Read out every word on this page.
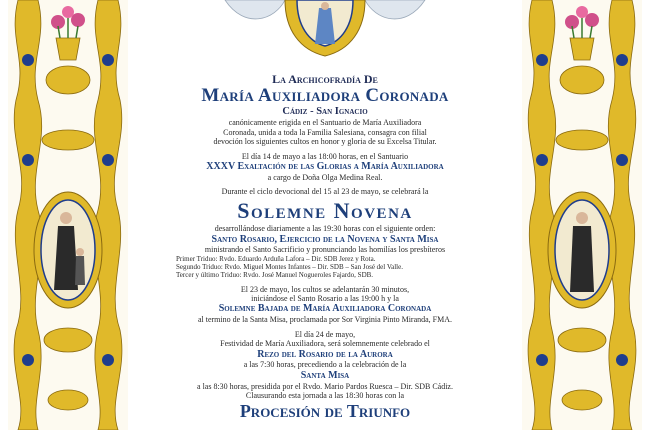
La Archicofradía De
María Auxiliadora Coronada
Cádiz - San Ignacio
canónicamente erigida en el Santuario de María Auxiliadora
Coronada, unida a toda la Familia Salesiana, consagra con filial
devoción los siguientes cultos en honor y gloria de su Excelsa Titular.
El día 14 de mayo a las 18:00 horas, en el Santuario
XXXV Exaltación de las Glorias a María Auxiliadora
a cargo de Doña Olga Medina Real.
Durante el ciclo devocional del 15 al 23 de mayo, se celebrará la
Solemne Novena
desarrollándose diariamente a las 19:30 horas con el siguiente orden:
Santo Rosario, Ejercicio de la Novena y Santa Misa
ministrando el Santo Sacrificio y pronunciando las homilías los presbíteros
Primer Triduo: Rvdo. Eduardo Arduña Lafora – Dir. SDB Jerez y Rota.
Segundo Triduo: Rvdo. Miguel Montes Infantes – Dir. SDB – San José del Valle.
Tercer y último Triduo: Rvdo. José Manuel Nogueroles Fajardo, SDB.
El 23 de mayo, los cultos se adelantarán 30 minutos,
iniciándose el Santo Rosario a las 19:00 h y la
Solemne Bajada de María Auxiliadora Coronada
al termino de la Santa Misa, proclamada por Sor Virginia Pinto Miranda, FMA.
El día 24 de mayo,
Festividad de María Auxiliadora, será solemnemente celebrado el
Rezo del Rosario de la Aurora
a las 7:30 horas, precediendo a la celebración de la
Santa Misa
a las 8:30 horas, presidida por el Rvdo. Mario Pardos Ruesca – Dir. SDB Cádiz.
Clausurando esta jornada a las 18:30 horas con la
Procesión de Triunfo
